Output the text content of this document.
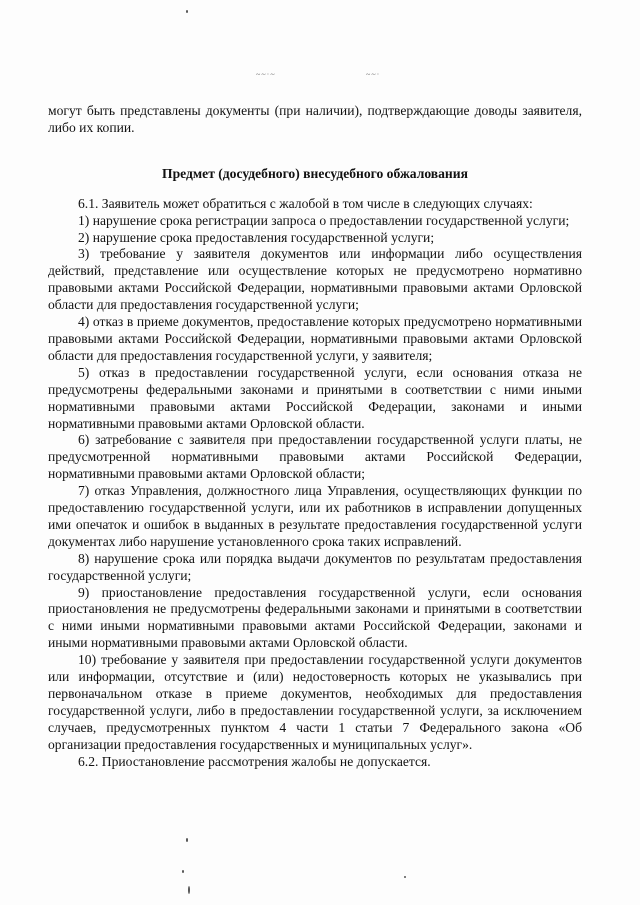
~~·~	~~·

могут быть представлены документы (при наличии), подтверждающие доводы заявителя, либо их копии.

Предмет (досудебного) внесудебного обжалования

6.1. Заявитель может обратиться с жалобой в том числе в следующих случаях:

1) нарушение срока регистрации запроса о предоставлении государственной услуги;

2) нарушение срока предоставления государственной услуги;

3) требование у заявителя документов или информации либо осуществления действий, представление или осуществление которых не предусмотрено нормативно правовыми актами Российской Федерации, нормативными правовыми актами Орловской области для предоставления государственной услуги;

4) отказ в приеме документов, предоставление которых предусмотрено нормативными правовыми актами Российской Федерации, нормативными правовыми актами Орловской области для предоставления государственной услуги, у заявителя;

5) отказ в предоставлении государственной услуги, если основания отказа не предусмотрены федеральными законами и принятыми в соответствии с ними иными нормативными правовыми актами Российской Федерации, законами и иными нормативными правовыми актами Орловской области.

6) затребование с заявителя при предоставлении государственной услуги платы, не предусмотренной нормативными правовыми актами Российской Федерации, нормативными правовыми актами Орловской области;

7) отказ Управления, должностного лица Управления, осуществляющих функции по предоставлению государственной услуги, или их работников в исправлении допущенных ими опечаток и ошибок в выданных в результате предоставления государственной услуги документах либо нарушение установленного срока таких исправлений.

8) нарушение срока или порядка выдачи документов по результатам предоставления государственной услуги;

9) приостановление предоставления государственной услуги, если основания приостановления не предусмотрены федеральными законами и принятыми в соответствии с ними иными нормативными правовыми актами Российской Федерации, законами и иными нормативными правовыми актами Орловской области.

10) требование у заявителя при предоставлении государственной услуги документов или информации, отсутствие и (или) недостоверность которых не указывались при первоначальном отказе в приеме документов, необходимых для предоставления государственной услуги, либо в предоставлении государственной услуги, за исключением случаев, предусмотренных пунктом 4 части 1 статьи 7 Федерального закона «Об организации предоставления государственных и муниципальных услуг».

6.2. Приостановление рассмотрения жалобы не допускается.
